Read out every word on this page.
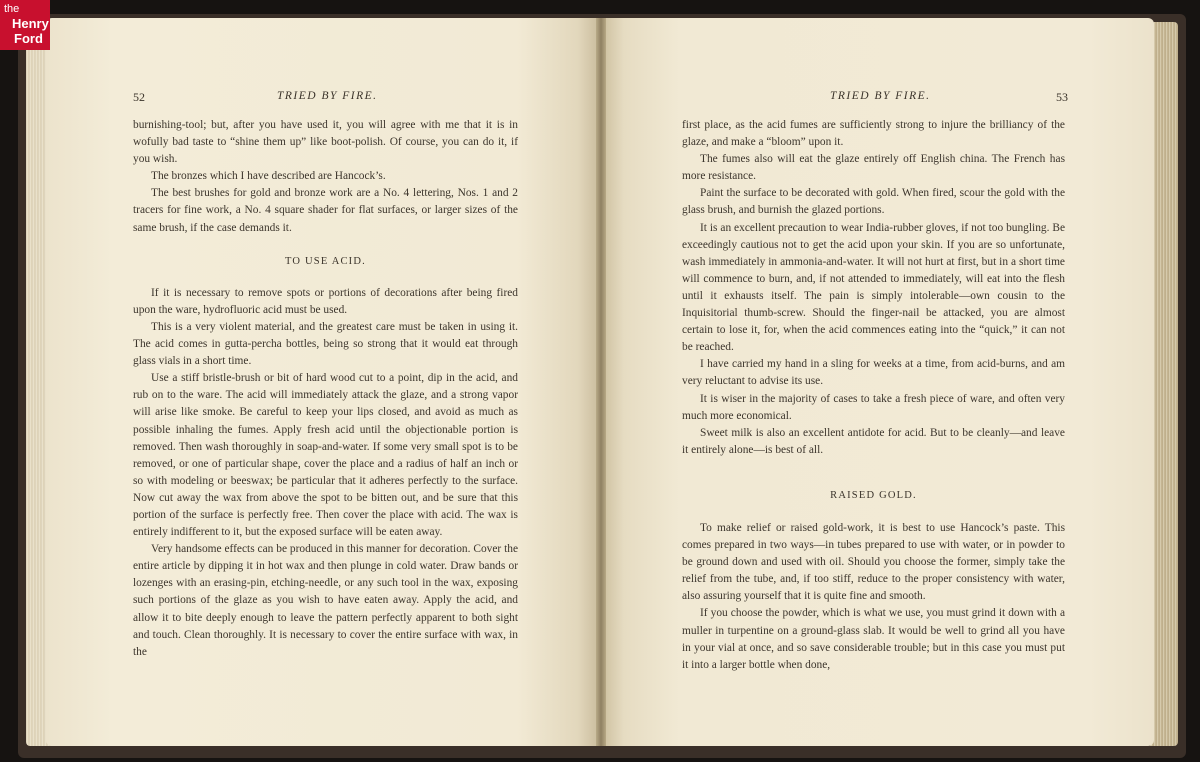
52	TRIED BY FIRE.

burnishing-tool; but, after you have used it, you will agree with me that it is in wofully bad taste to “shine them up” like boot-polish. Of course, you can do it, if you wish.

The bronzes which I have described are Hancock’s.

The best brushes for gold and bronze work are a No. 4 lettering, Nos. 1 and 2 tracers for fine work, a No. 4 square shader for flat surfaces, or larger sizes of the same brush, if the case demands it.

TO USE ACID.

If it is necessary to remove spots or portions of decorations after being fired upon the ware, hydrofluoric acid must be used.

This is a very violent material, and the greatest care must be taken in using it. The acid comes in gutta-percha bottles, being so strong that it would eat through glass vials in a short time.

Use a stiff bristle-brush or bit of hard wood cut to a point, dip in the acid, and rub on to the ware. The acid will immediately attack the glaze, and a strong vapor will arise like smoke. Be careful to keep your lips closed, and avoid as much as possible inhaling the fumes. Apply fresh acid until the objectionable portion is removed. Then wash thoroughly in soap-and-water. If some very small spot is to be removed, or one of particular shape, cover the place and a radius of half an inch or so with modeling or beeswax; be particular that it adheres perfectly to the surface. Now cut away the wax from above the spot to be bitten out, and be sure that this portion of the surface is perfectly free. Then cover the place with acid. The wax is entirely indifferent to it, but the exposed surface will be eaten away.

Very handsome effects can be produced in this manner for decoration. Cover the entire article by dipping it in hot wax and then plunge in cold water. Draw bands or lozenges with an erasing-pin, etching-needle, or any such tool in the wax, exposing such portions of the glaze as you wish to have eaten away. Apply the acid, and allow it to bite deeply enough to leave the pattern perfectly apparent to both sight and touch. Clean thoroughly. It is necessary to cover the entire surface with wax, in the

TRIED BY FIRE.	53

first place, as the acid fumes are sufficiently strong to injure the brilliancy of the glaze, and make a “bloom” upon it.

The fumes also will eat the glaze entirely off English china. The French has more resistance.

Paint the surface to be decorated with gold. When fired, scour the gold with the glass brush, and burnish the glazed portions.

It is an excellent precaution to wear India-rubber gloves, if not too bungling. Be exceedingly cautious not to get the acid upon your skin. If you are so unfortunate, wash immediately in ammonia-and-water. It will not hurt at first, but in a short time will commence to burn, and, if not attended to immediately, will eat into the flesh until it exhausts itself. The pain is simply intolerable—own cousin to the Inquisitorial thumb-screw. Should the finger-nail be attacked, you are almost certain to lose it, for, when the acid commences eating into the “quick,” it can not be reached.

I have carried my hand in a sling for weeks at a time, from acid-burns, and am very reluctant to advise its use.

It is wiser in the majority of cases to take a fresh piece of ware, and often very much more economical.

Sweet milk is also an excellent antidote for acid. But to be cleanly—and leave it entirely alone—is best of all.

RAISED GOLD.

To make relief or raised gold-work, it is best to use Hancock’s paste. This comes prepared in two ways—in tubes prepared to use with water, or in powder to be ground down and used with oil. Should you choose the former, simply take the relief from the tube, and, if too stiff, reduce to the proper consistency with water, also assuring yourself that it is quite fine and smooth.

If you choose the powder, which is what we use, you must grind it down with a muller in turpentine on a ground-glass slab. It would be well to grind all you have in your vial at once, and so save considerable trouble; but in this case you must put it into a larger bottle when done,

the
Henry
Ford
